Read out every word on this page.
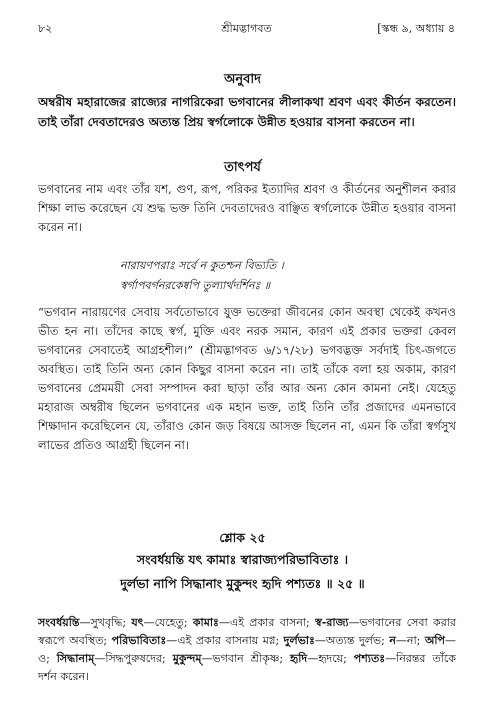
৮২	শ্রীমদ্ভাগবত	[স্কন্ধ ৯, অধ্যায় ৪
অনুবাদ
অম্বরীষ মহারাজের রাজ্যের নাগরিকেরা ভগবানের লীলাকথা শ্রবণ এবং কীর্তন করতেন। তাই তাঁরা দেবতাদেরও অত্যন্ত প্রিয় স্বর্গলোকে উন্নীত হওয়ার বাসনা করতেন না।
তাৎপর্য
ভগবানের নাম এবং তাঁর যশ, গুণ, রূপ, পরিকর ইত্যাদির শ্রবণ ও কীর্তনের অনুশীলন করার শিক্ষা লাভ করেছেন যে শুদ্ধ ভক্ত তিনি দেবতাদেরও বাঞ্ছিত স্বর্গলোকে উন্নীত হওয়ার বাসনা করেন না।
নারায়ণপরাঃ সর্বে ন কুতশ্চন বিভ্যতি ।
স্বর্গাপবর্গনরকেষ্বপি তুল্যার্থদর্শিনঃ ॥
“ভগবান নারায়ণের সেবায় সর্বতোভাবে যুক্ত ভক্তেরা জীবনের কোন অবস্থা থেকেই কখনও ভীত হন না। তাঁদের কাছে স্বর্গ, মুক্তি এবং নরক সমান, কারণ এই প্রকার ভক্তরা কেবল ভগবানের সেবাতেই আগ্রহশীল।” (শ্রীমদ্ভাগবত ৬/১৭/২৮) ভগবদ্ভক্ত সর্বদাই চিৎ-জগতে অবস্থিত। তাই তিনি অন্য কোন কিছুর বাসনা করেন না। তাই তাঁকে বলা হয় অকাম, কারণ ভগবানের প্রেমময়ী সেবা সম্পাদন করা ছাড়া তাঁর আর অন্য কোন কামনা নেই। যেহেতু মহারাজ অম্বরীষ ছিলেন ভগবানের এক মহান ভক্ত, তাই তিনি তাঁর প্রজাদের এমনভাবে শিক্ষাদান করেছিলেন যে, তাঁরাও কোন জড় বিষয়ে আসক্ত ছিলেন না, এমন কি তাঁরা স্বর্গসুখ লাভের প্রতিও আগ্রহী ছিলেন না।
শ্লোক ২৫
সংবর্ধয়ন্তি যৎ কামাঃ স্বারাজ্যপরিভাবিতাঃ ।
দুর্লভা নাপি সিদ্ধানাং মুকুন্দং হৃদি পশ্যতঃ ॥ ২৫ ॥
সংবর্ধয়ন্তি—সুখবৃদ্ধি; যৎ—যেহেতু; কামাঃ—এই প্রকার বাসনা; স্ব-রাজ্য—ভগবানের সেবা করার স্বরূপে অবস্থিত; পরিভাবিতাঃ—এই প্রকার বাসনায় মগ্ন; দুর্লভাঃ—অত্যন্ত দুর্লভ; ন—না; অপি—ও; সিদ্ধানাম্—সিদ্ধপুরুষদের; মুকুন্দম্—ভগবান শ্রীকৃষ্ণ; হৃদি—হৃদয়ে; পশ্যতঃ—নিরন্তর তাঁকে দর্শন করেন।
